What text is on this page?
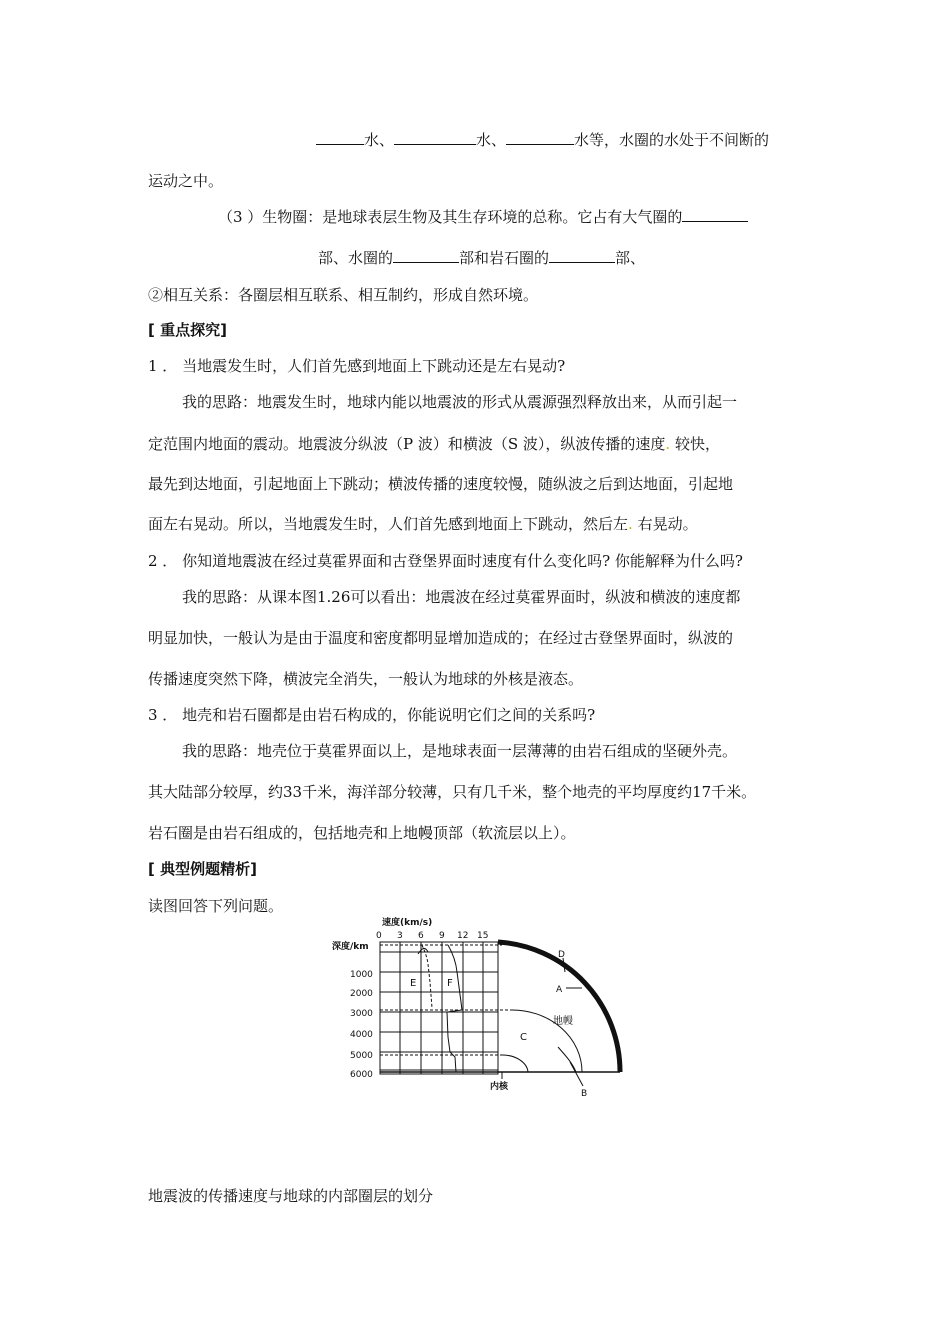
水、	水、	水等，水圈的水处于不间断的
运动之中。
（3 ）生物圈：是地球表层生物及其生存环境的总称。它占有大气圈的
部、水圈的	部和岩石圈的	部、
②相互关系：各圈层相互联系、相互制约，形成自然环境。
[ 重点探究]
1 ． 当地震发生时，人们首先感到地面上下跳动还是左右晃动?
我的思路：地震发生时，地球内能以地震波的形式从震源强烈释放出来，从而引起一
定范围内地面的震动。地震波分纵波（P 波）和横波（S 波），纵波传播的速度. 较快，
最先到达地面，引起地面上下跳动；横波传播的速度较慢，随纵波之后到达地面，引起地
面左右晃动。所以，当地震发生时，人们首先感到地面上下跳动，然后左. 右晃动。
2 ． 你知道地震波在经过莫霍界面和古登堡界面时速度有什么变化吗? 你能解释为什么吗?
我的思路：从课本图1.26可以看出：地震波在经过莫霍界面时，纵波和横波的速度都
明显加快，一般认为是由于温度和密度都明显增加造成的；在经过古登堡界面时，纵波的
传播速度突然下降，横波完全消失，一般认为地球的外核是液态。
3 ． 地壳和岩石圈都是由岩石构成的，你能说明它们之间的关系吗?
我的思路：地壳位于莫霍界面以上，是地球表面一层薄薄的由岩石组成的坚硬外壳。
其大陆部分较厚，约33千米，海洋部分较薄，只有几千米，整个地壳的平均厚度约17千米。
岩石圈是由岩石组成的，包括地壳和上地幔顶部（软流层以上）。
[ 典型例题精析]
读图回答下列问题。
速度(km/s)
深度/km
0 3 6 9 12 15
1000
2000
3000
4000
5000
6000
E	F
D
A
地幔
C
B
内核
地震波的传播速度与地球的内部圈层的划分
